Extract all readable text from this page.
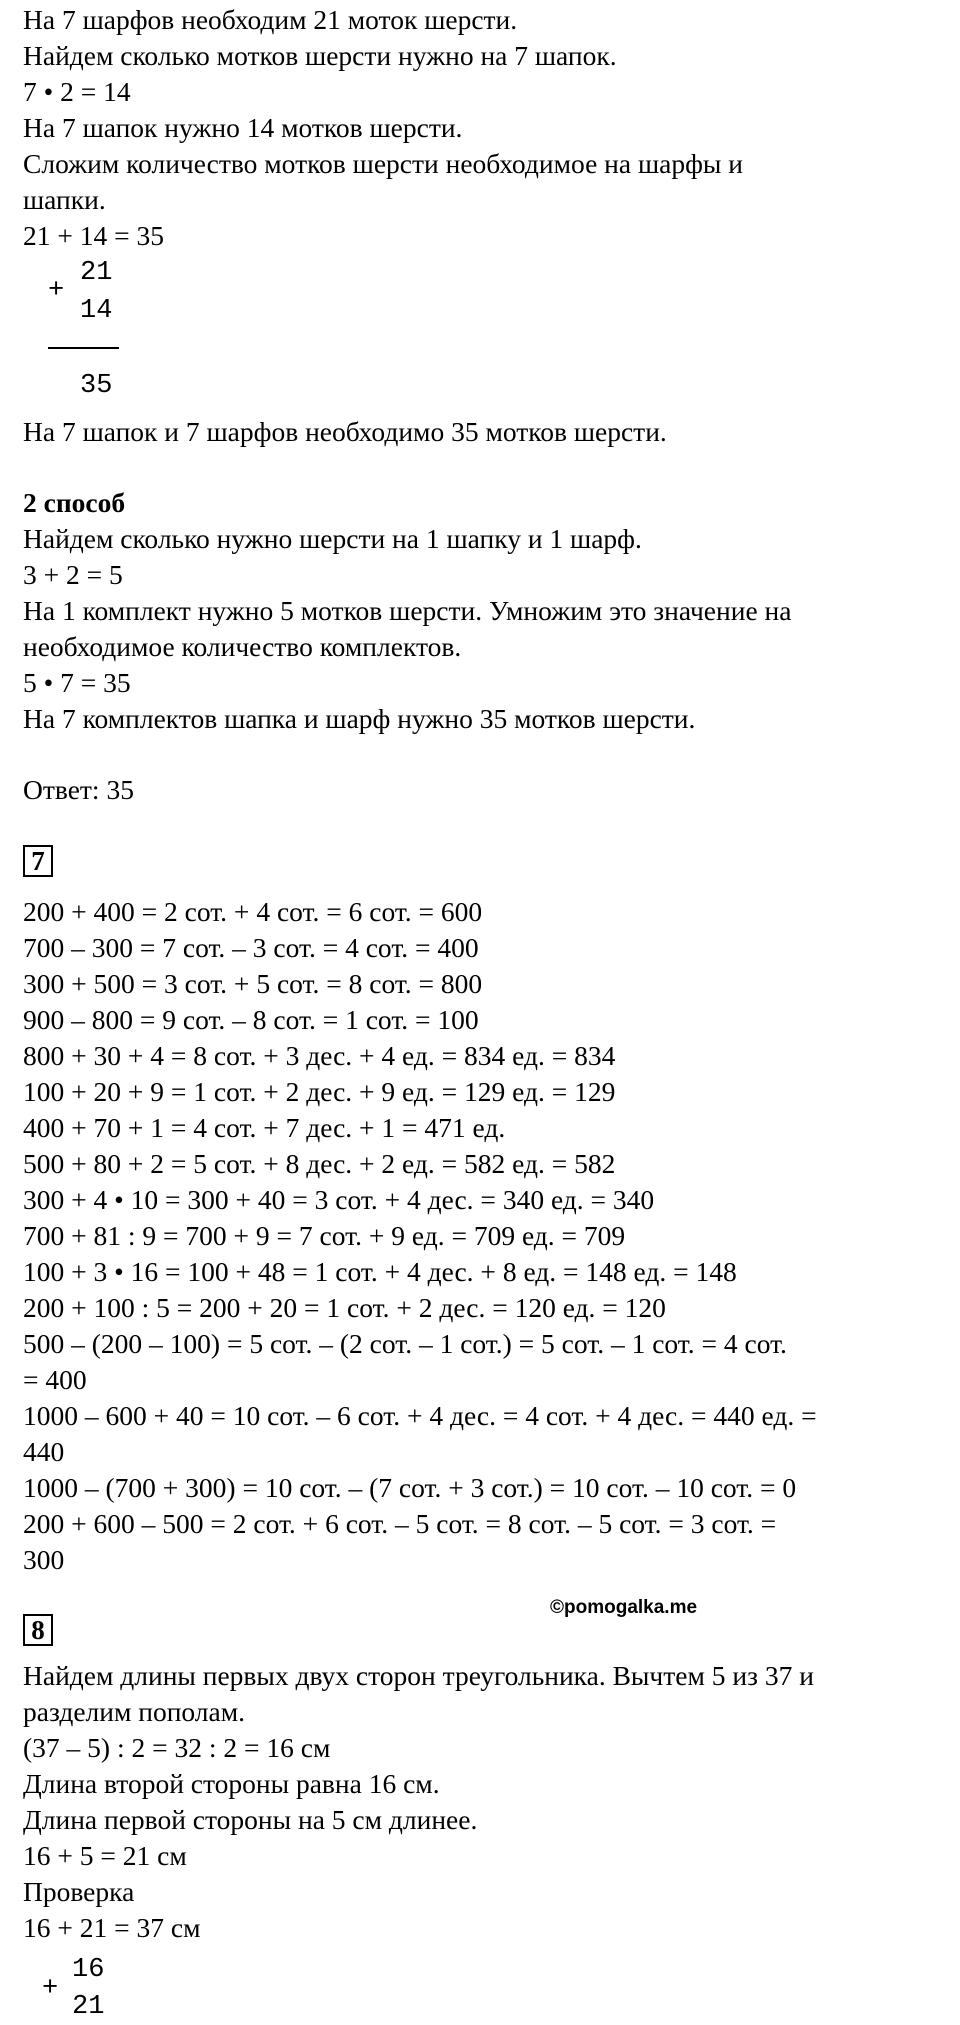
На 7 шарфов необходим 21 моток шерсти.
Найдем сколько мотков шерсти нужно на 7 шапок.
7 • 2 = 14
На 7 шапок нужно 14 мотков шерсти.
Сложим количество мотков шерсти необходимое на шарфы и
шапки.
21 + 14 = 35
21
+
14
35
На 7 шапок и 7 шарфов необходимо 35 мотков шерсти.
2 способ
Найдем сколько нужно шерсти на 1 шапку и 1 шарф.
3 + 2 = 5
На 1 комплект нужно 5 мотков шерсти. Умножим это значение на
необходимое количество комплектов.
5 • 7 = 35
На 7 комплектов шапка и шарф нужно 35 мотков шерсти.
Ответ: 35
7
200 + 400 = 2 сот. + 4 сот. = 6 сот. = 600
700 – 300 = 7 сот. – 3 сот. = 4 сот. = 400
300 + 500 = 3 сот. + 5 сот. = 8 сот. = 800
900 – 800 = 9 сот. – 8 сот. = 1 сот. = 100
800 + 30 + 4 = 8 сот. + 3 дес. + 4 ед. = 834 ед. = 834
100 + 20 + 9 = 1 сот. + 2 дес. + 9 ед. = 129 ед. = 129
400 + 70 + 1 = 4 сот. + 7 дес. + 1 = 471 ед.
500 + 80 + 2 = 5 сот. + 8 дес. + 2 ед. = 582 ед. = 582
300 + 4 • 10 = 300 + 40 = 3 сот. + 4 дес. = 340 ед. = 340
700 + 81 : 9 = 700 + 9 = 7 сот. + 9 ед. = 709 ед. = 709
100 + 3 • 16 = 100 + 48 = 1 сот. + 4 дес. + 8 ед. = 148 ед. = 148
200 + 100 : 5 = 200 + 20 = 1 сот. + 2 дес. = 120 ед. = 120
500 – (200 – 100) = 5 сот. – (2 сот. – 1 сот.) = 5 сот. – 1 сот. = 4 сот.
= 400
1000 – 600 + 40 = 10 сот. – 6 сот. + 4 дес. = 4 сот. + 4 дес. = 440 ед. =
440
1000 – (700 + 300) = 10 сот. – (7 сот. + 3 сот.) = 10 сот. – 10 сот. = 0
200 + 600 – 500 = 2 сот. + 6 сот. – 5 сот. = 8 сот. – 5 сот. = 3 сот. =
300
©pomogalka.me
8
Найдем длины первых двух сторон треугольника. Вычтем 5 из 37 и
разделим пополам.
(37 – 5) : 2 = 32 : 2 = 16 см
Длина второй стороны равна 16 см.
Длина первой стороны на 5 см длинее.
16 + 5 = 21 см
Проверка
16 + 21 = 37 см
16
+
21
